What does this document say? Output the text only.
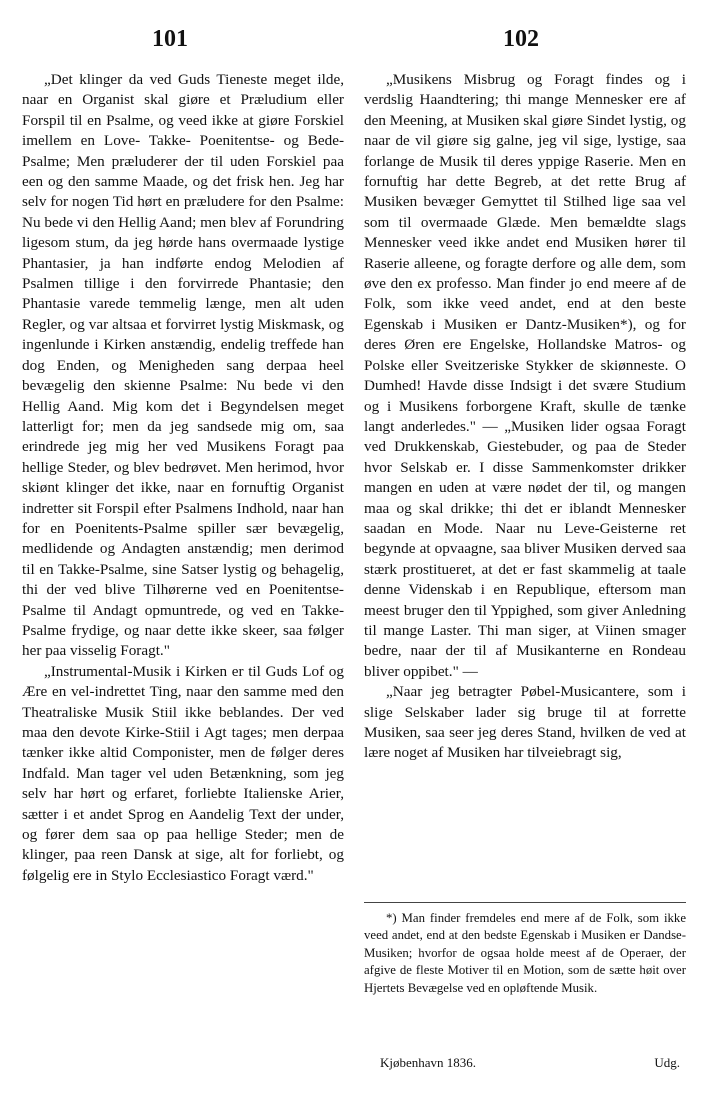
101	102

„Det klinger da ved Guds Tieneste meget ilde, naar en Organist skal giøre et Præludium eller Forspil til en Psalme, og veed ikke at giøre Forskiel imellem en Love- Takke- Poenitentse- og Bede-Psalme; Men præluderer der til uden Forskiel paa een og den samme Maade, og det frisk hen. Jeg har selv for nogen Tid hørt en præludere for den Psalme: Nu bede vi den Hellig Aand; men blev af Forundring ligesom stum, da jeg hørde hans overmaade lystige Phantasier, ja han indførte endog Melodien af Psalmen tillige i den forvirrede Phantasie; den Phantasie varede temmelig længe, men alt uden Regler, og var altsaa et forvirret lystig Miskmask, og ingenlunde i Kirken anstændig, endelig treffede han dog Enden, og Menigheden sang derpaa heel bevægelig den skienne Psalme: Nu bede vi den Hellig Aand. Mig kom det i Begyndelsen meget latterligt for; men da jeg sandsede mig om, saa erindrede jeg mig her ved Musikens Foragt paa hellige Steder, og blev bedrøvet. Men herimod, hvor skiønt klinger det ikke, naar en fornuftig Organist indretter sit Forspil efter Psalmens Indhold, naar han for en Poenitents-Psalme spiller sær bevægelig, medlidende og Andagten anstændig; men derimod til en Takke-Psalme, sine Satser lystig og behagelig, thi der ved blive Tilhørerne ved en Poenitentse-Psalme til Andagt opmuntrede, og ved en Takke-Psalme frydige, og naar dette ikke skeer, saa følger her paa visselig Foragt."

„Instrumental-Musik i Kirken er til Guds Lof og Ære en vel-indrettet Ting, naar den samme med den Theatraliske Musik Stiil ikke beblandes. Der ved maa den devote Kirke-Stiil i Agt tages; men derpaa tænker ikke altid Componister, men de følger deres Indfald. Man tager vel uden Betænkning, som jeg selv har hørt og erfaret, forliebte Italienske Arier, sætter i et andet Sprog en Aandelig Text der under, og fører dem saa op paa hellige Steder; men de klinger, paa reen Dansk at sige, alt for forliebt, og følgelig ere in Stylo Ecclesiastico Foragt værd."

„Musikens Misbrug og Foragt findes og i verdslig Haandtering; thi mange Mennesker ere af den Meening, at Musiken skal giøre Sindet lystig, og naar de vil giøre sig galne, jeg vil sige, lystige, saa forlange de Musik til deres yppige Raserie. Men en fornuftig har dette Begreb, at det rette Brug af Musiken bevæger Gemyttet til Stilhed lige saa vel som til overmaade Glæde. Men bemældte slags Mennesker veed ikke andet end Musiken hører til Raserie alleene, og foragte derfore og alle dem, som øve den ex professo. Man finder jo end meere af de Folk, som ikke veed andet, end at den beste Egenskab i Musiken er Dantz-Musiken*), og for deres Øren ere Engelske, Hollandske Matros- og Polske eller Sveitzeriske Stykker de skiønneste. O Dumhed! Havde disse Indsigt i det svære Studium og i Musikens forborgene Kraft, skulle de tænke langt anderledes." — „Musiken lider ogsaa Foragt ved Drukkenskab, Giestebuder, og paa de Steder hvor Selskab er. I disse Sammenkomster drikker mangen en uden at være nødet der til, og mangen maa og skal drikke; thi det er iblandt Mennesker saadan en Mode. Naar nu Leve-Geisterne ret begynde at opvaagne, saa bliver Musiken derved saa stærk prostitueret, at det er fast skammelig at taale denne Videnskab i en Republique, eftersom man meest bruger den til Yppighed, som giver Anledning til mange Laster. Thi man siger, at Viinen smager bedre, naar der til af Musikanterne en Rondeau bliver oppibet." —

„Naar jeg betragter Pøbel-Musicantere, som i slige Selskaber lader sig bruge til at forrette Musiken, saa seer jeg deres Stand, hvilken de ved at lære noget af Musiken har tilveiebragt sig,

*) Man finder fremdeles end mere af de Folk, som ikke veed andet, end at den bedste Egenskab i Musiken er Dandse-Musiken; hvorfor de ogsaa holde meest af de Operaer, der afgive de fleste Motiver til en Motion, som de sætte høit over Hjertets Bevægelse ved en opløftende Musik.

Kjøbenhavn 1836.	Udg.
